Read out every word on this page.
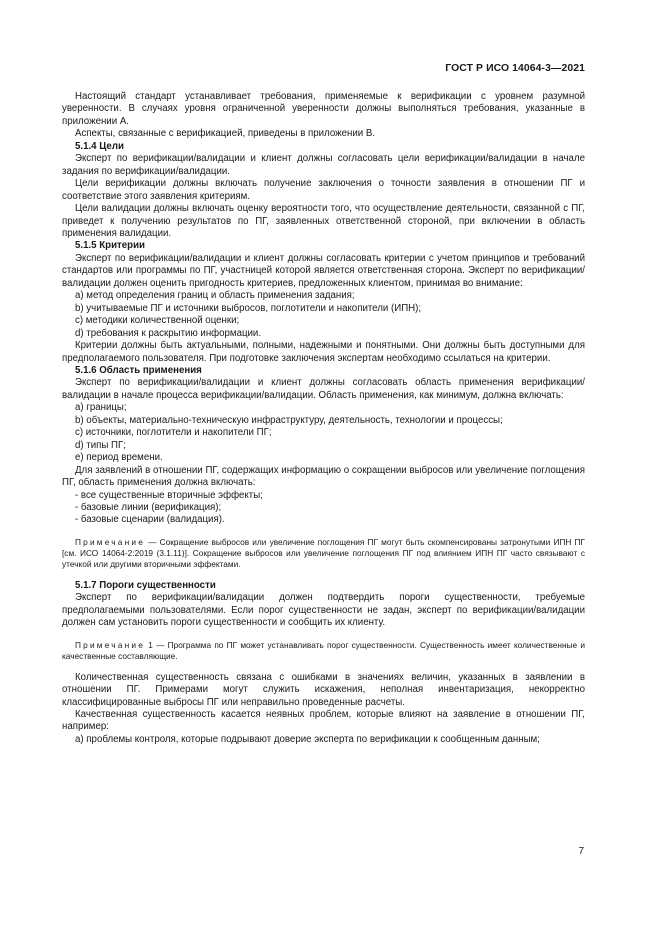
ГОСТ Р ИСО 14064-3—2021

Настоящий стандарт устанавливает требования, применяемые к верификации с уровнем разумной уверенности. В случаях уровня ограниченной уверенности должны выполняться требования, указанные в приложении А.

Аспекты, связанные с верификацией, приведены в приложении В.

5.1.4 Цели

Эксперт по верификации/валидации и клиент должны согласовать цели верификации/валидации в начале задания по верификации/валидации.

Цели верификации должны включать получение заключения о точности заявления в отношении ПГ и соответствие этого заявления критериям.

Цели валидации должны включать оценку вероятности того, что осуществление деятельности, связанной с ПГ, приведет к получению результатов по ПГ, заявленных ответственной стороной, при включении в область применения валидации.

5.1.5 Критерии

Эксперт по верификации/валидации и клиент должны согласовать критерии с учетом принципов и требований стандартов или программы по ПГ, участницей которой является ответственная сторона. Эксперт по верификации/валидации должен оценить пригодность критериев, предложенных клиентом, принимая во внимание:

а) метод определения границ и область применения задания;

b) учитываемые ПГ и источники выбросов, поглотители и накопители (ИПН);

с) методики количественной оценки;

d) требования к раскрытию информации.

Критерии должны быть актуальными, полными, надежными и понятными. Они должны быть доступными для предполагаемого пользователя. При подготовке заключения экспертам необходимо ссылаться на критерии.

5.1.6 Область применения

Эксперт по верификации/валидации и клиент должны согласовать область применения верификации/валидации в начале процесса верификации/валидации. Область применения, как минимум, должна включать:

а) границы;

b) объекты, материально-техническую инфраструктуру, деятельность, технологии и процессы;

с) источники, поглотители и накопители ПГ;

d) типы ПГ;

е) период времени.

Для заявлений в отношении ПГ, содержащих информацию о сокращении выбросов или увеличение поглощения ПГ, область применения должна включать:

- все существенные вторичные эффекты;

- базовые линии (верификация);

- базовые сценарии (валидация).

Примечание — Сокращение выбросов или увеличение поглощения ПГ могут быть скомпенсированы затронутыми ИПН ПГ [см. ИСО 14064-2:2019 (3.1.11)]. Сокращение выбросов или увеличение поглощения ПГ под влиянием ИПН ПГ часто связывают с утечкой или другими вторичными эффектами.

5.1.7 Пороги существенности

Эксперт по верификации/валидации должен подтвердить пороги существенности, требуемые предполагаемыми пользователями. Если порог существенности не задан, эксперт по верификации/валидации должен сам установить пороги существенности и сообщить их клиенту.

Примечание 1 — Программа по ПГ может устанавливать порог существенности. Существенность имеет количественные и качественные составляющие.

Количественная существенность связана с ошибками в значениях величин, указанных в заявлении в отношении ПГ. Примерами могут служить искажения, неполная инвентаризация, некорректно классифицированные выбросы ПГ или неправильно проведенные расчеты.

Качественная существенность касается неявных проблем, которые влияют на заявление в отношении ПГ, например:

а) проблемы контроля, которые подрывают доверие эксперта по верификации к сообщенным данным;

7
